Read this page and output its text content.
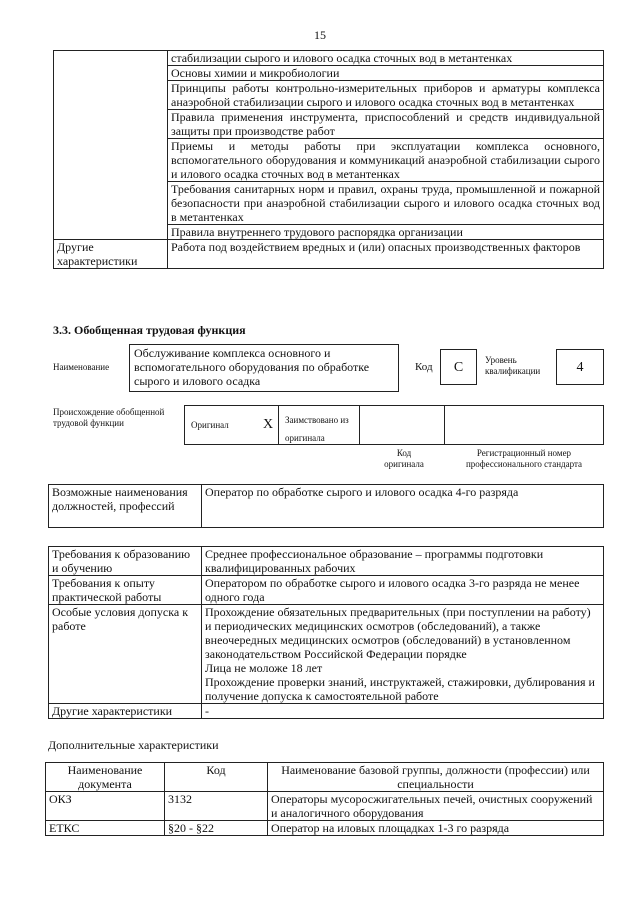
15
	стабилизации сырого и илового осадка сточных вод в метантенках
	Основы химии и микробиологии
	Принципы работы контрольно-измерительных приборов и арматуры комплекса анаэробной стабилизации сырого и илового осадка сточных вод в метантенках
	Правила применения инструмента, приспособлений и средств индивидуальной защиты при производстве работ
	Приемы и методы работы при эксплуатации комплекса основного, вспомогательного оборудования и коммуникаций анаэробной стабилизации сырого и илового осадка сточных вод в метантенках
	Требования санитарных норм и правил, охраны труда, промышленной и пожарной безопасности при анаэробной стабилизации сырого и илового осадка сточных вод в метантенках
	Правила внутреннего трудового распорядка организации
Другие характеристики	Работа под воздействием вредных и (или) опасных производственных факторов
3.3. Обобщенная трудовая функция
Наименование
Обслуживание комплекса основного и вспомогательного оборудования по обработке сырого и илового осадка
Код	C	Уровень квалификации	4
Происхождение обобщенной трудовой функции	Оригинал X	Заимствовано из оригинала
Код оригинала
Регистрационный номер профессионального стандарта
Возможные наименования должностей, профессий	Оператор по обработке сырого и илового осадка 4-го разряда
Требования к образованию и обучению	Среднее профессиональное образование – программы подготовки квалифицированных рабочих
Требования к опыту практической работы	Оператором по обработке сырого и илового осадка 3-го разряда не менее одного года
Особые условия допуска к работе	Прохождение обязательных предварительных (при поступлении на работу) и периодических медицинских осмотров (обследований), а также внеочередных медицинских осмотров (обследований) в установленном законодательством Российской Федерации порядке
Лица не моложе 18 лет
Прохождение проверки знаний, инструктажей, стажировки, дублирования и получение допуска к самостоятельной работе

Другие характеристики	-
Дополнительные характеристики
Наименование документа	Код	Наименование базовой группы, должности (профессии) или специальности
ОКЗ	3132	Операторы мусоросжигательных печей, очистных сооружений и аналогичного оборудования
ЕТКС	§20 - §22	Оператор на иловых площадках 1-3 го разряда
